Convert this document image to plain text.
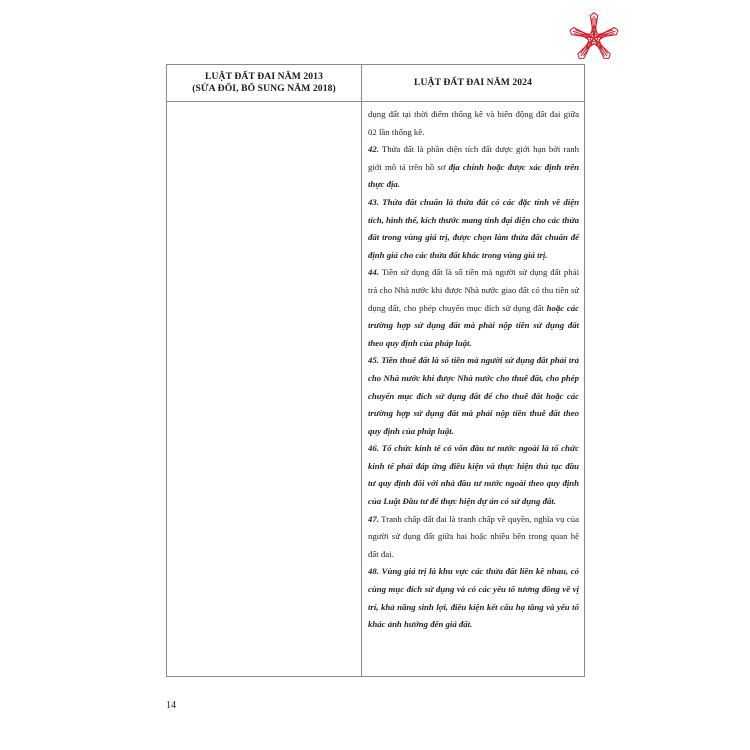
LUẬT ĐẤT ĐAI NĂM 2013
(SỬA ĐỔI, BỔ SUNG NĂM 2018)
LUẬT ĐẤT ĐAI NĂM 2024

dụng đất tại thời điểm thống kê và biến động đất đai giữa 02 lần thống kê.

42. Thửa đất là phần diện tích đất được giới hạn bởi ranh giới mô tả trên hồ sơ địa chính hoặc được xác định trên thực địa.

43. Thửa đất chuẩn là thửa đất có các đặc tính về diện tích, hình thể, kích thước mang tính đại diện cho các thửa đất trong vùng giá trị, được chọn làm thửa đất chuẩn để định giá cho các thửa đất khác trong vùng giá trị.

44. Tiền sử dụng đất là số tiền mà người sử dụng đất phải trả cho Nhà nước khi được Nhà nước giao đất có thu tiền sử dụng đất, cho phép chuyển mục đích sử dụng đất hoặc các trường hợp sử dụng đất mà phải nộp tiền sử dụng đất theo quy định của pháp luật.

45. Tiền thuê đất là số tiền mà người sử dụng đất phải trả cho Nhà nước khi được Nhà nước cho thuê đất, cho phép chuyển mục đích sử dụng đất để cho thuê đất hoặc các trường hợp sử dụng đất mà phải nộp tiền thuê đất theo quy định của pháp luật.

46. Tổ chức kinh tế có vốn đầu tư nước ngoài là tổ chức kinh tế phải đáp ứng điều kiện và thực hiện thủ tục đầu tư quy định đối với nhà đầu tư nước ngoài theo quy định của Luật Đầu tư để thực hiện dự án có sử dụng đất.

47. Tranh chấp đất đai là tranh chấp về quyền, nghĩa vụ của người sử dụng đất giữa hai hoặc nhiều bên trong quan hệ đất đai.

48. Vùng giá trị là khu vực các thửa đất liền kề nhau, có cùng mục đích sử dụng và có các yếu tố tương đồng về vị trí, khả năng sinh lợi, điều kiện kết cấu hạ tầng và yếu tố khác ảnh hưởng đến giá đất.

14
